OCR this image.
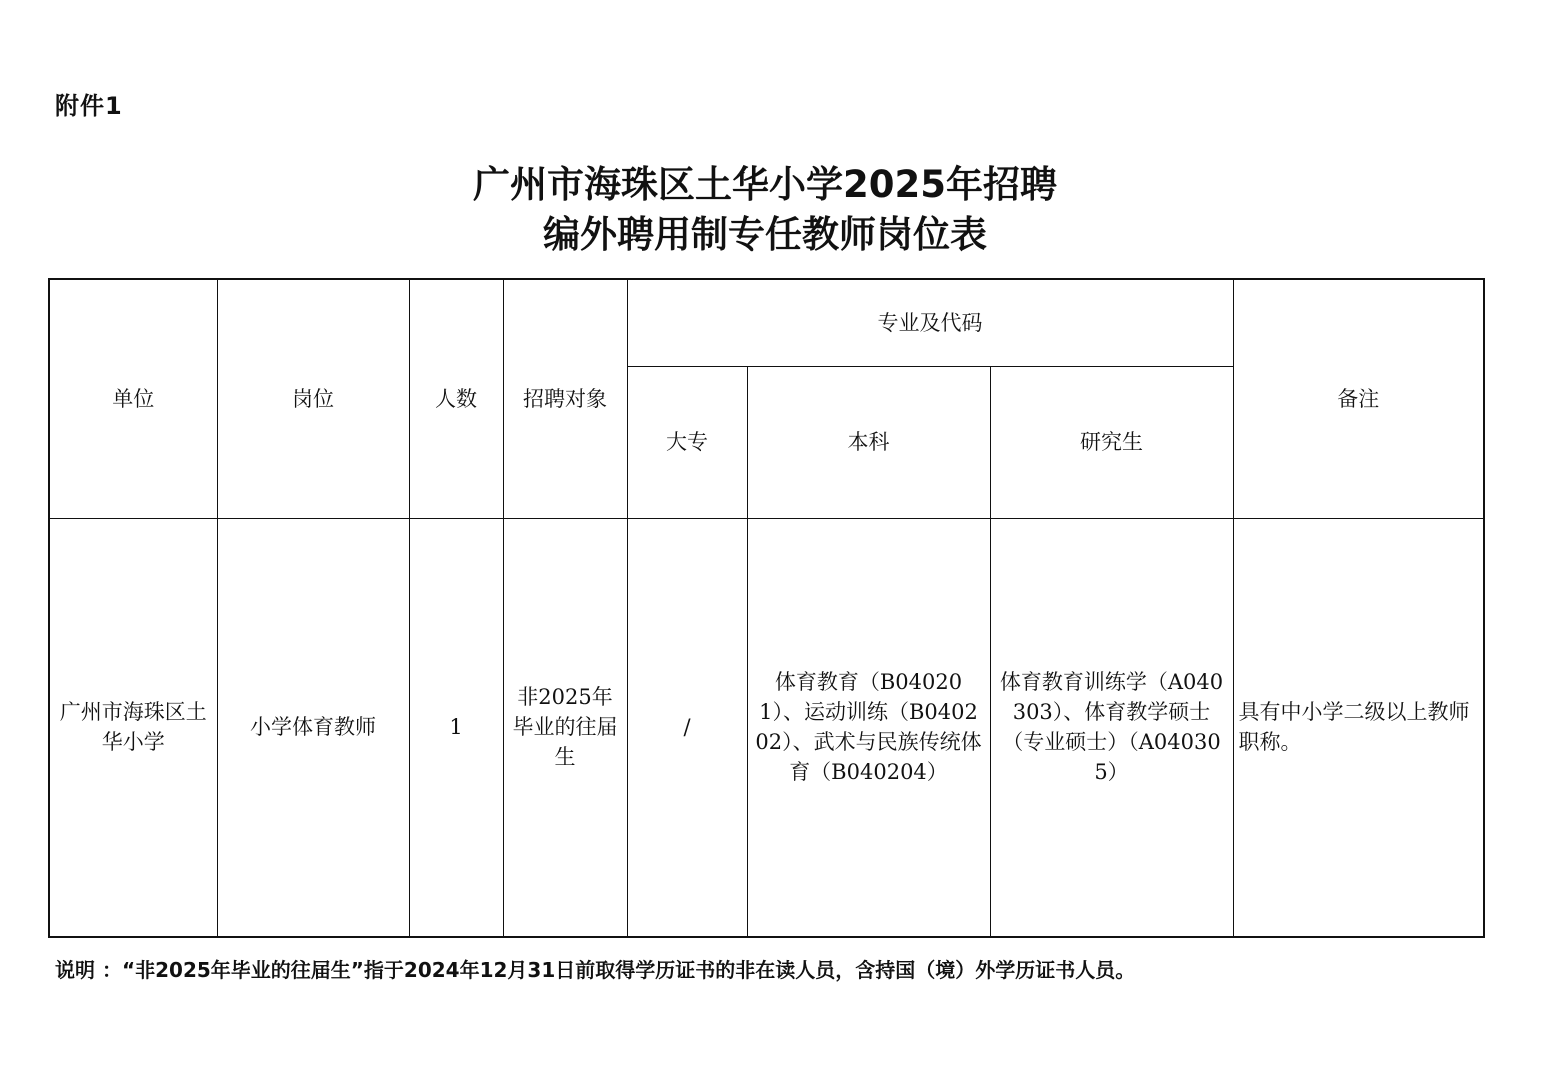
附件1
广州市海珠区土华小学2025年招聘
编外聘用制专任教师岗位表
单位	岗位	人数	招聘对象	专业及代码			备注
				大专	本科	研究生	
广州市海珠区土华小学	小学体育教师	1	非2025年毕业的往届生	/	体育教育（B040201）、运动训练（B040202）、武术与民族传统体育（B040204）	体育教育训练学（A040303）、体育教学硕士 （专业硕士）（A040305）	具有中小学二级以上教师职称。
说明 ：“非2025年毕业的往届生”指于2024年12月31日前取得学历证书的非在读人员，含持国（境）外学历证书人员。
